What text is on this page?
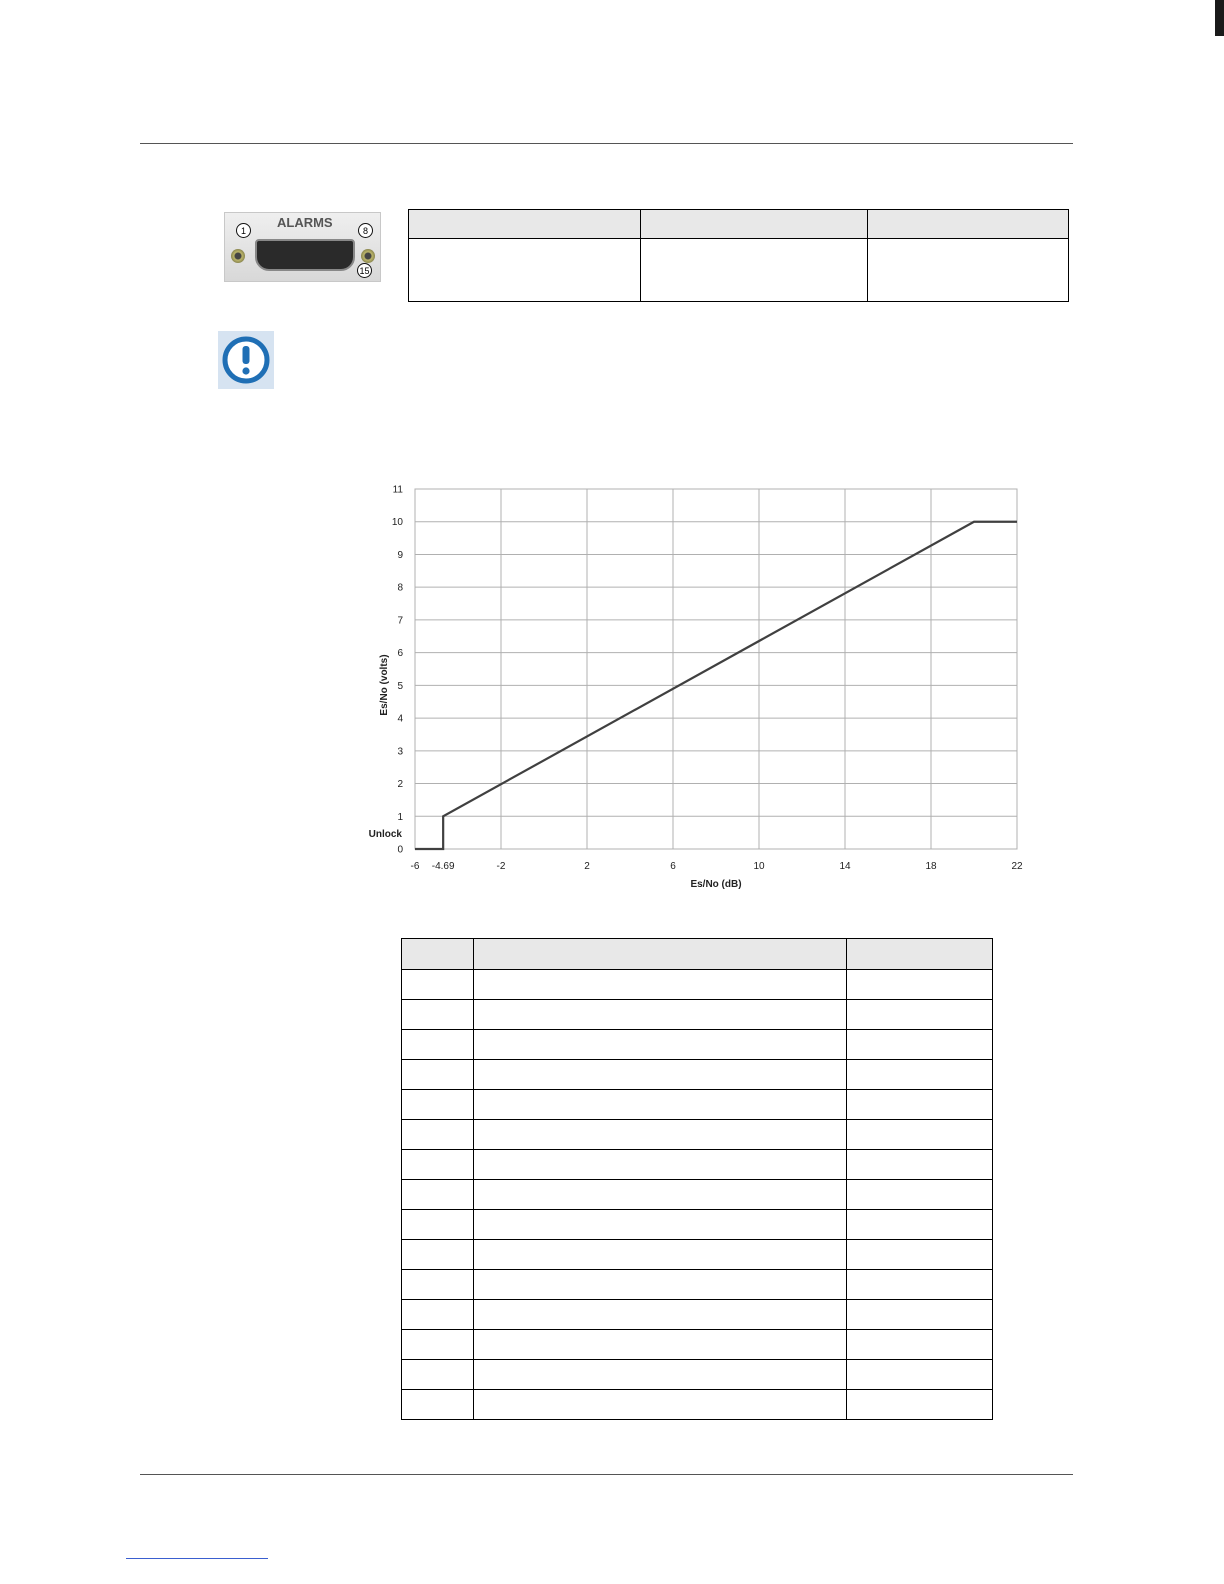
ALARMS
1	8
15

0
1
2
3
4
5
6
7
8
9
10
11
-6 -4.69	-2	2	6	10	14	18	22
Unlock
Es/No (dB)
Es/No (volts)
